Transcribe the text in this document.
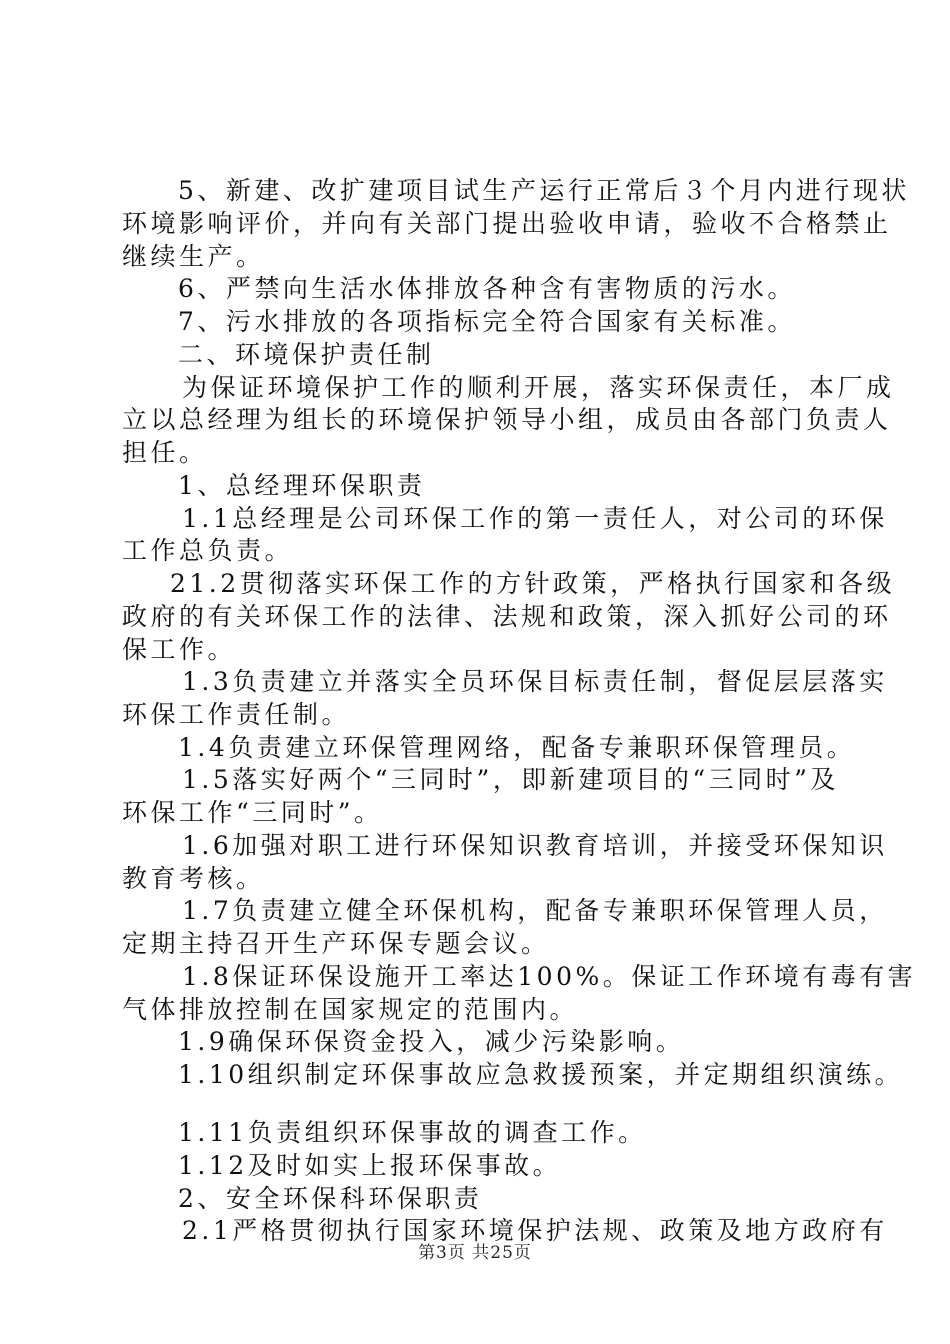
5、新建、改扩建项目试生产运行正常后３个月内进行现状
环境影响评价，并向有关部门提出验收申请，验收不合格禁止
继续生产。
6、严禁向生活水体排放各种含有害物质的污水。
7、污水排放的各项指标完全符合国家有关标准。
二、环境保护责任制
为保证环境保护工作的顺利开展，落实环保责任，本厂成
立以总经理为组长的环境保护领导小组，成员由各部门负责人
担任。
1、总经理环保职责
1.1总经理是公司环保工作的第一责任人，对公司的环保
工作总负责。
21.2贯彻落实环保工作的方针政策，严格执行国家和各级
政府的有关环保工作的法律、法规和政策，深入抓好公司的环
保工作。
1.3负责建立并落实全员环保目标责任制，督促层层落实
环保工作责任制。
1.4负责建立环保管理网络，配备专兼职环保管理员。
1.5落实好两个“三同时”，即新建项目的“三同时”及
环保工作“三同时”。
1.6加强对职工进行环保知识教育培训，并接受环保知识
教育考核。
1.7负责建立健全环保机构，配备专兼职环保管理人员，
定期主持召开生产环保专题会议。
1.8保证环保设施开工率达100%。保证工作环境有毒有害
气体排放控制在国家规定的范围内。
1.9确保环保资金投入，减少污染影响。
1.10组织制定环保事故应急救援预案，并定期组织演练。
1.11负责组织环保事故的调查工作。
1.12及时如实上报环保事故。
2、安全环保科环保职责
2.1严格贯彻执行国家环境保护法规、政策及地方政府有
第3页 共25页
